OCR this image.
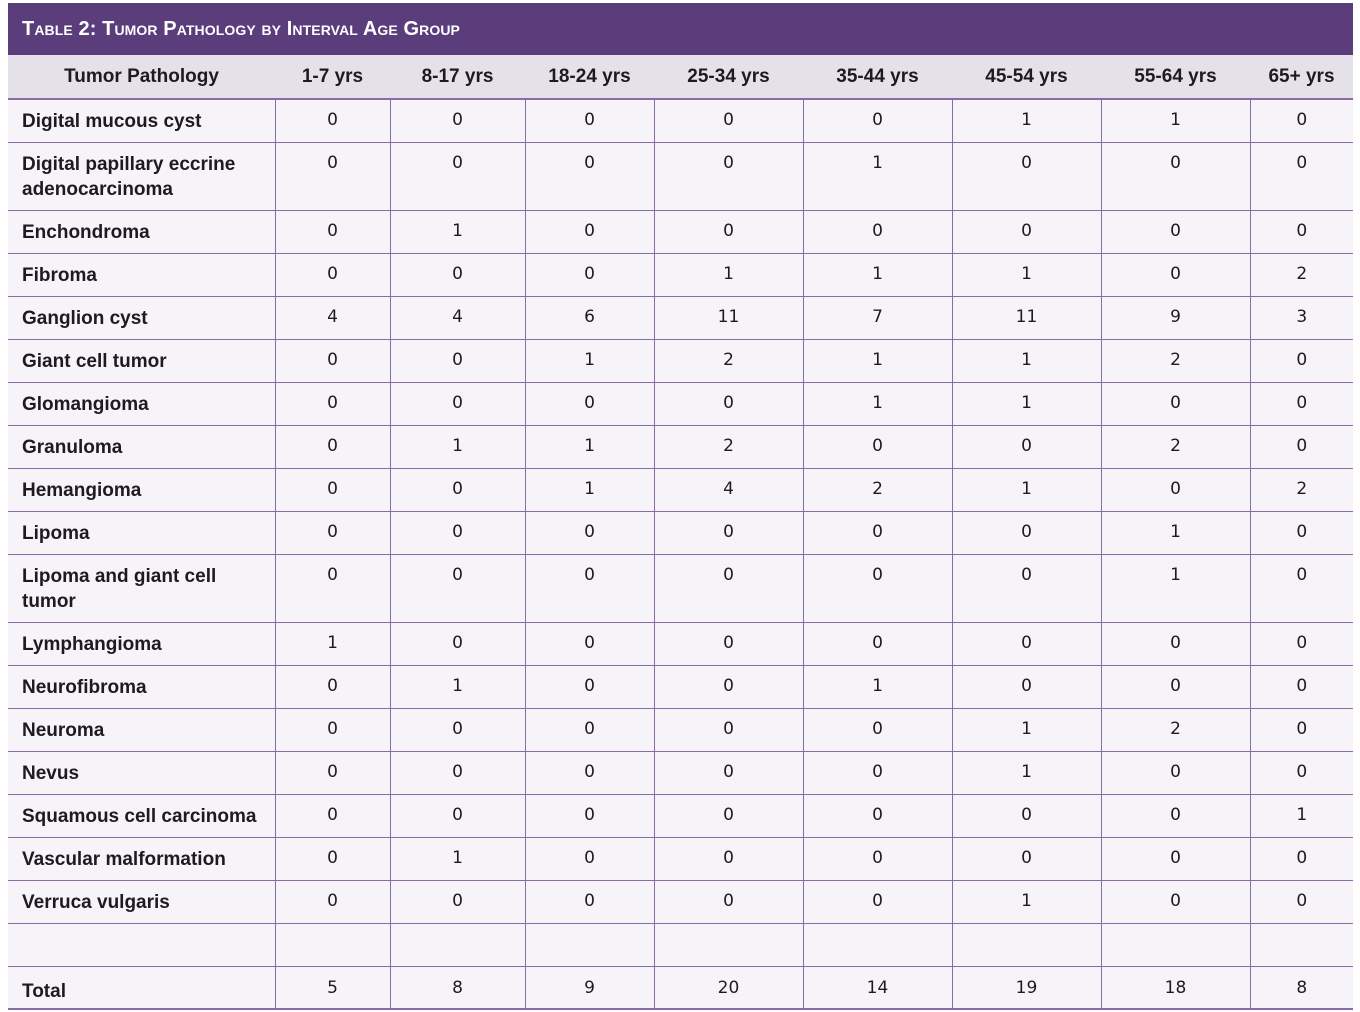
Table 2: Tumor Pathology by Interval Age Group
Tumor Pathology	1-7 yrs	8-17 yrs	18-24 yrs	25-34 yrs	35-44 yrs	45-54 yrs	55-64 yrs	65+ yrs
Digital mucous cyst	0	0	0	0	0	1	1	0
Digital papillary eccrine adenocarcinoma	0	0	0	0	1	0	0	0
Enchondroma	0	1	0	0	0	0	0	0
Fibroma	0	0	0	1	1	1	0	2
Ganglion cyst	4	4	6	11	7	11	9	3
Giant cell tumor	0	0	1	2	1	1	2	0
Glomangioma	0	0	0	0	1	1	0	0
Granuloma	0	1	1	2	0	0	2	0
Hemangioma	0	0	1	4	2	1	0	2
Lipoma	0	0	0	0	0	0	1	0
Lipoma and giant cell tumor	0	0	0	0	0	0	1	0
Lymphangioma	1	0	0	0	0	0	0	0
Neurofibroma	0	1	0	0	1	0	0	0
Neuroma	0	0	0	0	0	1	2	0
Nevus	0	0	0	0	0	1	0	0
Squamous cell carcinoma	0	0	0	0	0	0	0	1
Vascular malformation	0	1	0	0	0	0	0	0
Verruca vulgaris	0	0	0	0	0	1	0	0

Total	5	8	9	20	14	19	18	8
